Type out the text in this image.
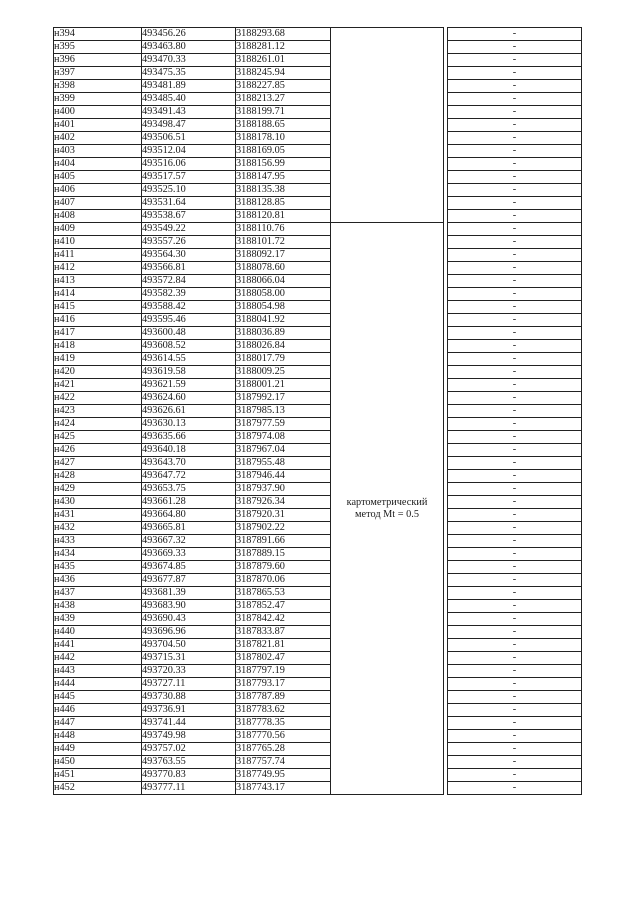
н394	493456.26	3188293.68			-
н395	493463.80	3188281.12			-
н396	493470.33	3188261.01			-
н397	493475.35	3188245.94			-
н398	493481.89	3188227.85			-
н399	493485.40	3188213.27			-
н400	493491.43	3188199.71			-
н401	493498.47	3188188.65			-
н402	493506.51	3188178.10			-
н403	493512.04	3188169.05			-
н404	493516.06	3188156.99			-
н405	493517.57	3188147.95			-
н406	493525.10	3188135.38			-
н407	493531.64	3188128.85			-
н408	493538.67	3188120.81			-
н409	493549.22	3188110.76	картометрический
метод Mt = 0.5		-
н410	493557.26	3188101.72			-
н411	493564.30	3188092.17			-
н412	493566.81	3188078.60			-
н413	493572.84	3188066.04			-
н414	493582.39	3188058.00			-
н415	493588.42	3188054.98			-
н416	493595.46	3188041.92			-
н417	493600.48	3188036.89			-
н418	493608.52	3188026.84			-
н419	493614.55	3188017.79			-
н420	493619.58	3188009.25			-
н421	493621.59	3188001.21			-
н422	493624.60	3187992.17			-
н423	493626.61	3187985.13			-
н424	493630.13	3187977.59			-
н425	493635.66	3187974.08			-
н426	493640.18	3187967.04			-
н427	493643.70	3187955.48			-
н428	493647.72	3187946.44			-
н429	493653.75	3187937.90			-
н430	493661.28	3187926.34			-
н431	493664.80	3187920.31			-
н432	493665.81	3187902.22			-
н433	493667.32	3187891.66			-
н434	493669.33	3187889.15			-
н435	493674.85	3187879.60			-
н436	493677.87	3187870.06			-
н437	493681.39	3187865.53			-
н438	493683.90	3187852.47			-
н439	493690.43	3187842.42			-
н440	493696.96	3187833.87			-
н441	493704.50	3187821.81			-
н442	493715.31	3187802.47			-
н443	493720.33	3187797.19			-
н444	493727.11	3187793.17			-
н445	493730.88	3187787.89			-
н446	493736.91	3187783.62			-
н447	493741.44	3187778.35			-
н448	493749.98	3187770.56			-
н449	493757.02	3187765.28			-
н450	493763.55	3187757.74			-
н451	493770.83	3187749.95			-
н452	493777.11	3187743.17			-
